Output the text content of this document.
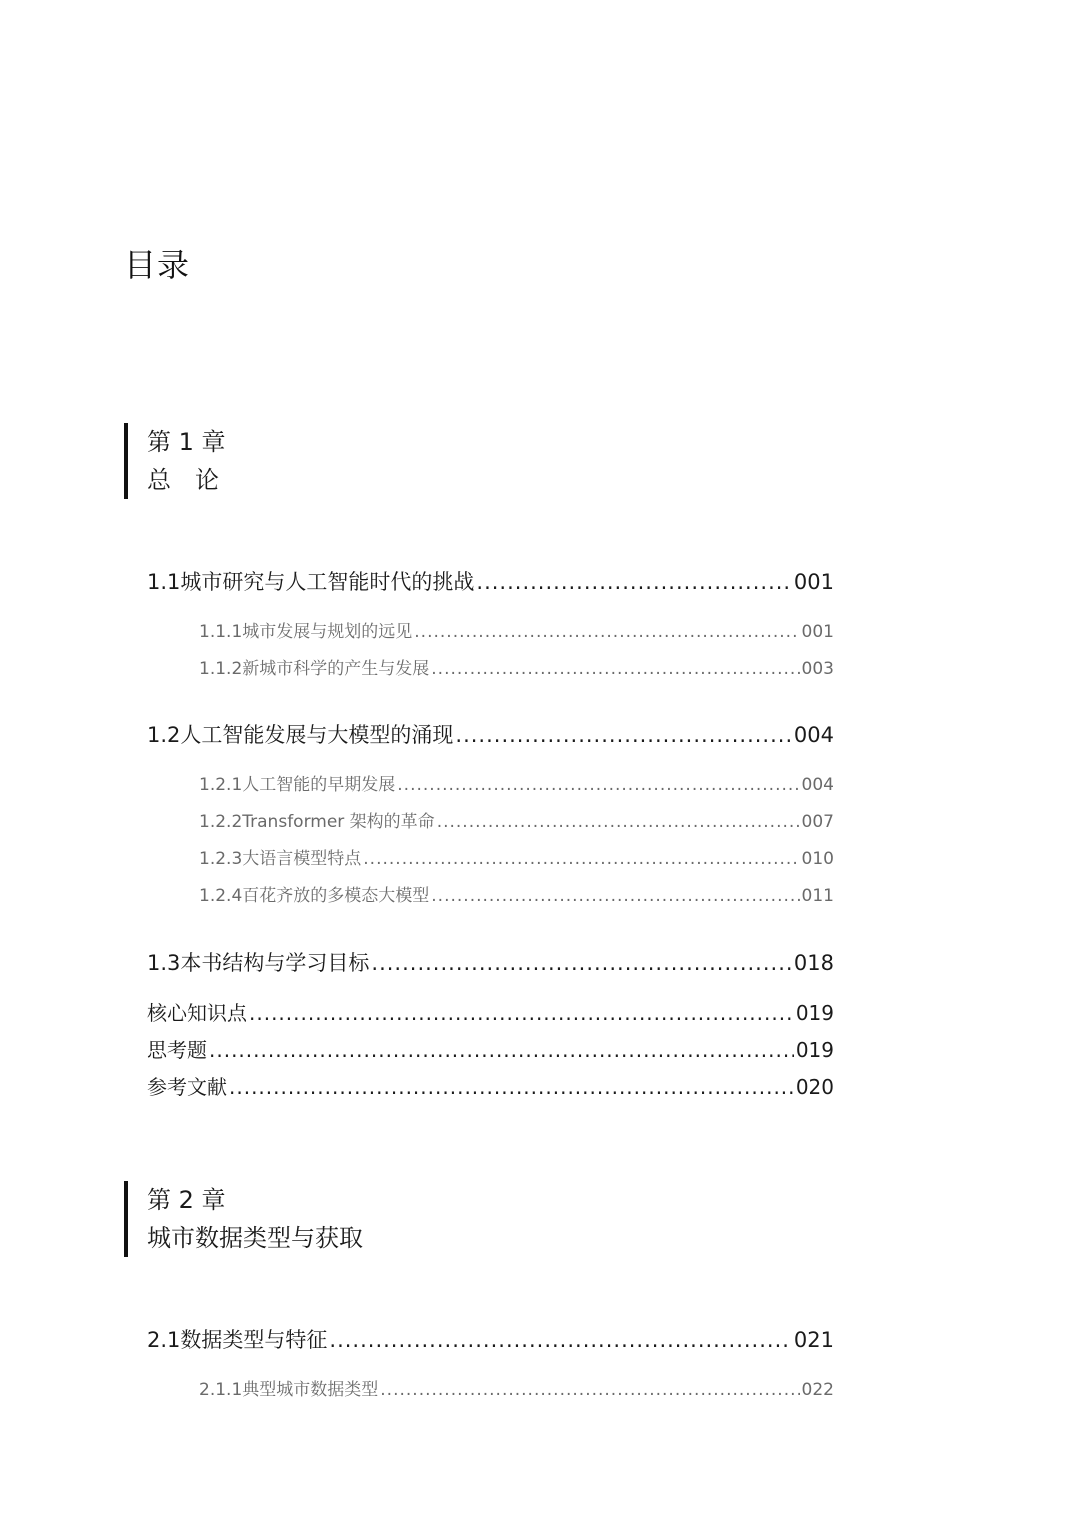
目录
第 1 章
总　论
1.1 城市研究与人工智能时代的挑战 .....	001
1.1.1 城市发展与规划的远见 .....	001
1.1.2 新城市科学的产生与发展 .....	003
1.2 人工智能发展与大模型的涌现 .....	004
1.2.1 人工智能的早期发展 .....	004
1.2.2 Transformer 架构的革命 .....	007
1.2.3 大语言模型特点 .....	010
1.2.4 百花齐放的多模态大模型 .....	011
1.3 本书结构与学习目标 .....	018
核心知识点 .....	019
思考题 .....	019
参考文献 .....	020
第 2 章
城市数据类型与获取
2.1 数据类型与特征 .....	021
2.1.1 典型城市数据类型 .....	022
